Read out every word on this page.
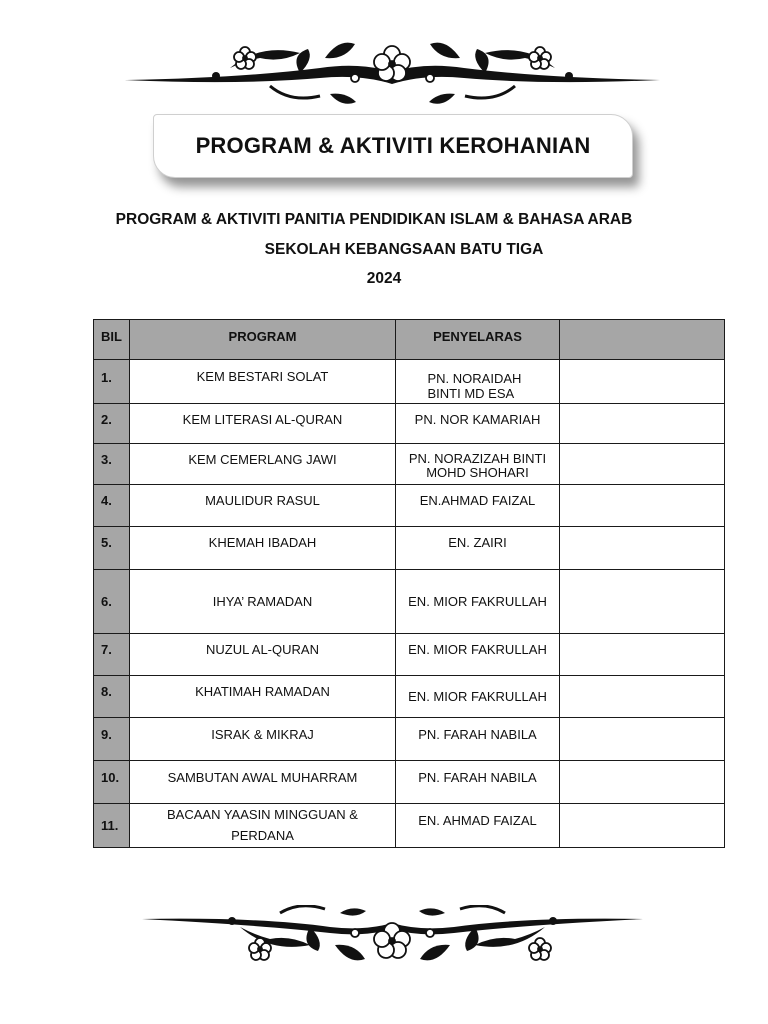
PROGRAM & AKTIVITI KEROHANIAN
PROGRAM & AKTIVITI PANITIA PENDIDIKAN ISLAM & BAHASA ARAB
SEKOLAH KEBANGSAAN BATU TIGA
2024
BIL	PROGRAM	PENYELARAS	
1.	KEM BESTARI SOLAT	PN. NORAIDAH BINTI MD ESA	
2.	KEM LITERASI AL-QURAN	PN. NOR KAMARIAH	
3.	KEM CEMERLANG JAWI	PN. NORAZIZAH BINTI MOHD SHOHARI	
4.	MAULIDUR RASUL	EN.AHMAD FAIZAL	
5.	KHEMAH IBADAH	EN. ZAIRI	
6.	IHYA’ RAMADAN	EN. MIOR FAKRULLAH	
7.	NUZUL AL-QURAN	EN. MIOR FAKRULLAH	
8.	KHATIMAH RAMADAN	EN. MIOR FAKRULLAH	
9.	ISRAK & MIKRAJ	PN. FARAH NABILA	
10.	SAMBUTAN AWAL MUHARRAM	PN. FARAH NABILA	
11.	BACAAN YAASIN MINGGUAN & PERDANA	EN. AHMAD FAIZAL	
